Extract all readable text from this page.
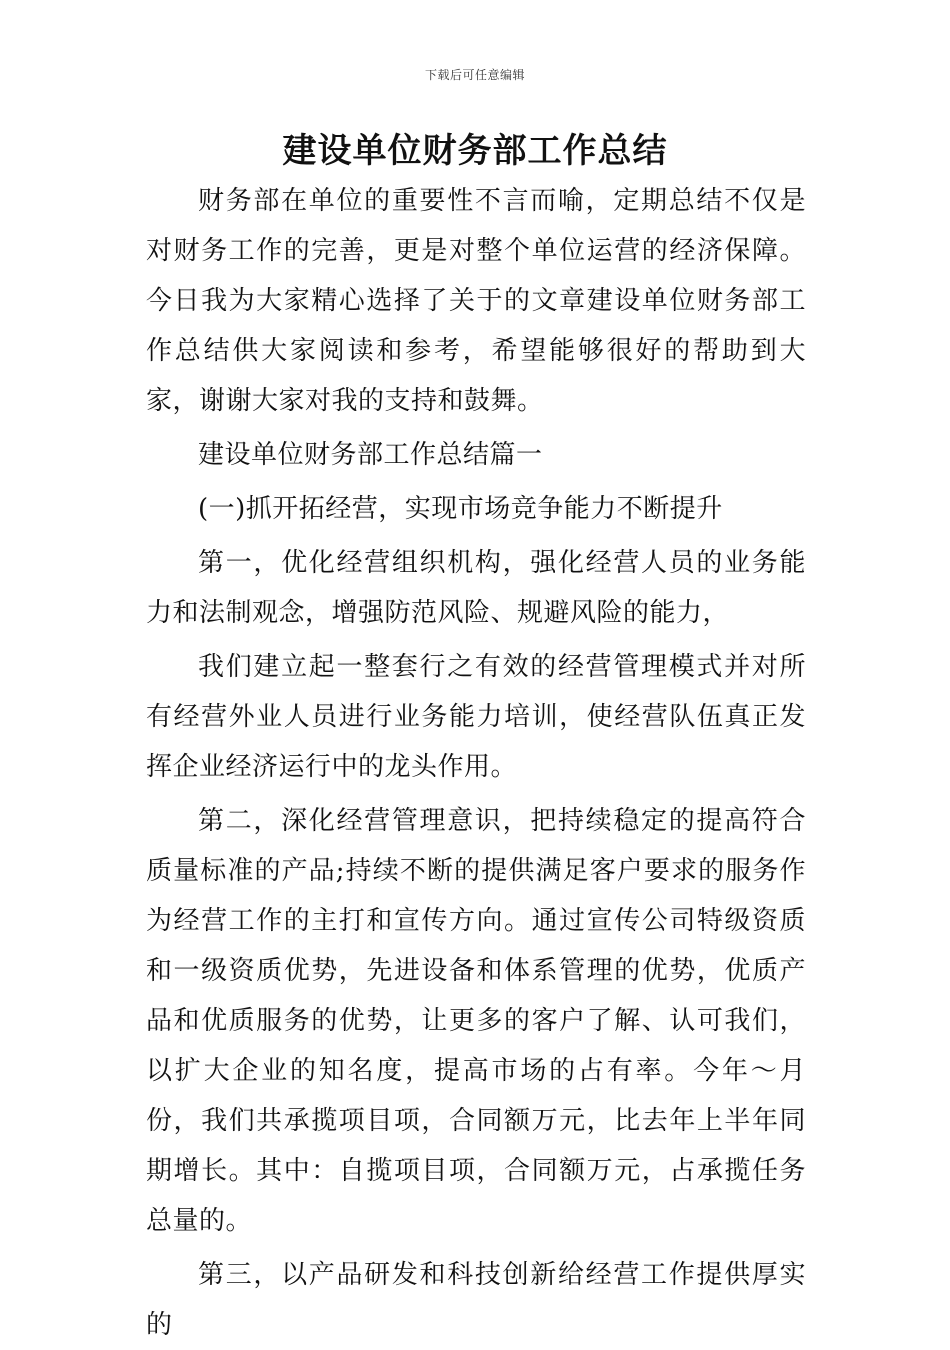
下载后可任意编辑
建设单位财务部工作总结

财务部在单位的重要性不言而喻，定期总结不仅是对财务工作的完善，更是对整个单位运营的经济保障。今日我为大家精心选择了关于的文章建设单位财务部工作总结供大家阅读和参考，希望能够很好的帮助到大家，谢谢大家对我的支持和鼓舞。

建设单位财务部工作总结篇一

(一)抓开拓经营，实现市场竞争能力不断提升

第一，优化经营组织机构，强化经营人员的业务能力和法制观念，增强防范风险、规避风险的能力，

我们建立起一整套行之有效的经营管理模式并对所有经营外业人员进行业务能力培训，使经营队伍真正发挥企业经济运行中的龙头作用。

第二，深化经营管理意识，把持续稳定的提高符合质量标准的产品;持续不断的提供满足客户要求的服务作为经营工作的主打和宣传方向。通过宣传公司特级资质和一级资质优势，先进设备和体系管理的优势，优质产品和优质服务的优势，让更多的客户了解、认可我们，以扩大企业的知名度，提高市场的占有率。今年～月份，我们共承揽项目项，合同额万元，比去年上半年同期增长。其中：自揽项目项，合同额万元，占承揽任务总量的。

第三，以产品研发和科技创新给经营工作提供厚实的
